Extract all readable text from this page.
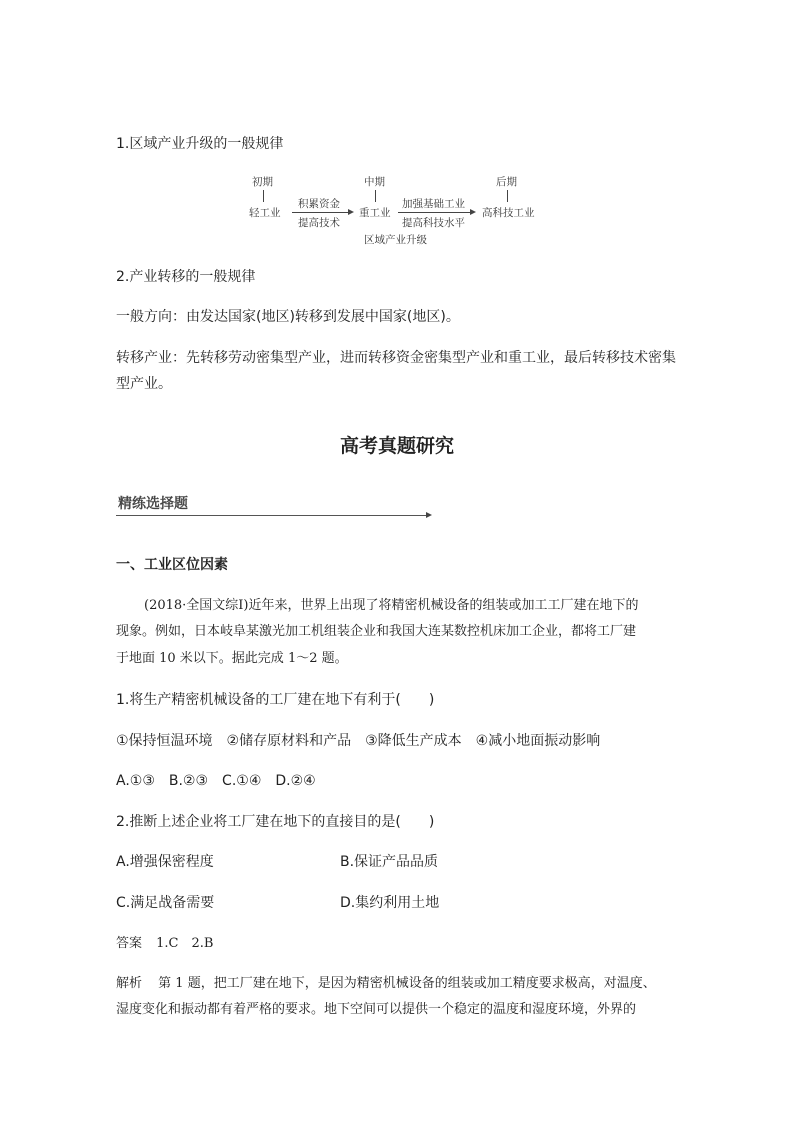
1.区域产业升级的一般规律
初期
轻工业
积累资金
提高技术
中期
重工业
加强基础工业
提高科技水平
后期
高科技工业
区域产业升级
2.产业转移的一般规律
一般方向：由发达国家(地区)转移到发展中国家(地区)。
转移产业：先转移劳动密集型产业，进而转移资金密集型产业和重工业，最后转移技术密集
型产业。
高考真题研究
精练选择题
一、工业区位因素
(2018·全国文综Ⅰ)近年来，世界上出现了将精密机械设备的组装或加工工厂建在地下的
现象。例如，日本岐阜某激光加工机组装企业和我国大连某数控机床加工企业，都将工厂建
于地面 10 米以下。据此完成 1～2 题。
1.将生产精密机械设备的工厂建在地下有利于(　　)
①保持恒温环境　②储存原材料和产品　③降低生产成本　④减小地面振动影响
A.①③　B.②③　C.①④　D.②④
2.推断上述企业将工厂建在地下的直接目的是(　　)
A.增强保密程度	B.保证产品品质
C.满足战备需要	D.集约利用土地
答案 1.C　2.B
解析 第 1 题，把工厂建在地下，是因为精密机械设备的组装或加工精度要求极高，对温度、
湿度变化和振动都有着严格的要求。地下空间可以提供一个稳定的温度和湿度环境，外界的
